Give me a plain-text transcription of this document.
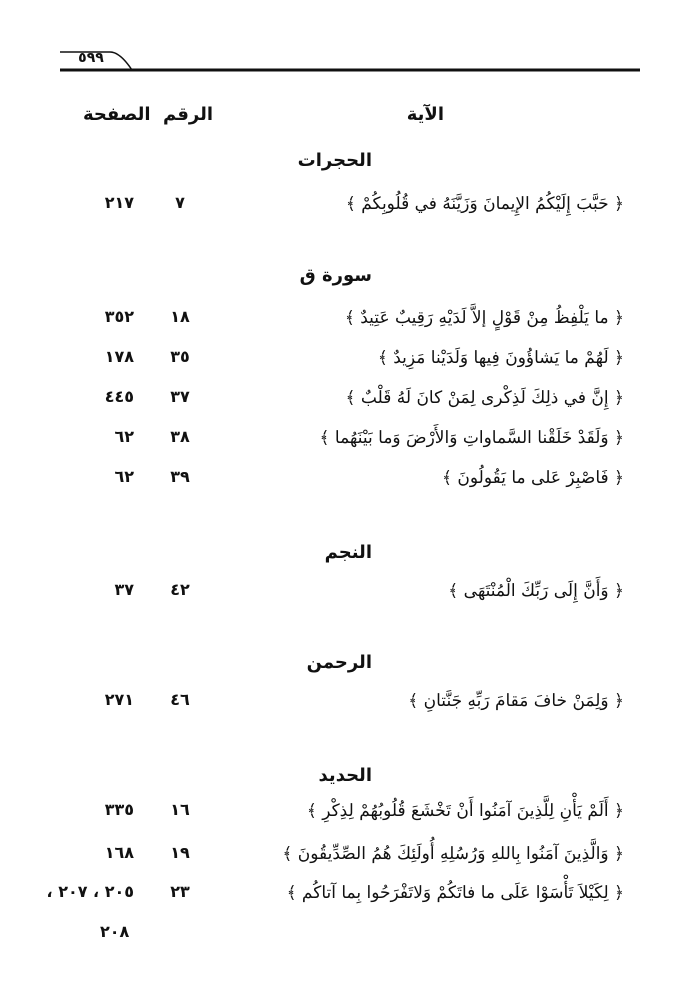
٥٩٩
الآية
الرقم
الصفحة
الحجرات
﴿ حَبَّبَ إِلَيْكُمُ الإِيمانَ وَزَيَّنَهُ في قُلُوبِكُمْ ﴾
٧
٢١٧
سورة ق
﴿ ما يَلْفِظُ مِنْ قَوْلٍ إلاَّ لَدَيْهِ رَقِيبٌ عَتِيدٌ ﴾
١٨
٣٥٢
﴿ لَهُمْ ما يَشاؤُونَ فِيها وَلَدَيْنا مَزِيدٌ ﴾
٣٥
١٧٨
﴿ إِنَّ في ذلِكَ لَذِكْرى لِمَنْ كانَ لَهُ قَلْبٌ ﴾
٣٧
٤٤٥
﴿ وَلَقَدْ خَلَقْنا السَّماواتِ وَالأَرْضَ وَما بَيْنَهُما ﴾
٣٨
٦٢
﴿ فَاصْبِرْ عَلى ما يَقُولُونَ ﴾
٣٩
٦٢
النجم
﴿ وَأَنَّ إِلَى رَبِّكَ الْمُنْتَهَى ﴾
٤٢
٣٧
الرحمن
﴿ وَلِمَنْ خافَ مَقامَ رَبِّهِ جَنَّتانِ ﴾
٤٦
٢٧١
الحديد
﴿ أَلَمْ يَأْنِ لِلَّذِينَ آمَنُوا أَنْ تَخْشَعَ قُلُوبُهُمْ لِذِكْرِ ﴾
١٦
٣٣٥
﴿ وَالَّذِينَ آمَنُوا بِاللهِ وَرُسُلِهِ أُولَئِكَ هُمُ الصِّدِّيقُونَ ﴾
١٩
١٦٨
﴿ لِكَيْلاَ تَأْسَوْا عَلَى ما فاتَكُمْ وَلاتَفْرَحُوا بِما آتاكُم ﴾
٢٣
٢٠٥ ، ٢٠٧ ،
٢٠٨
